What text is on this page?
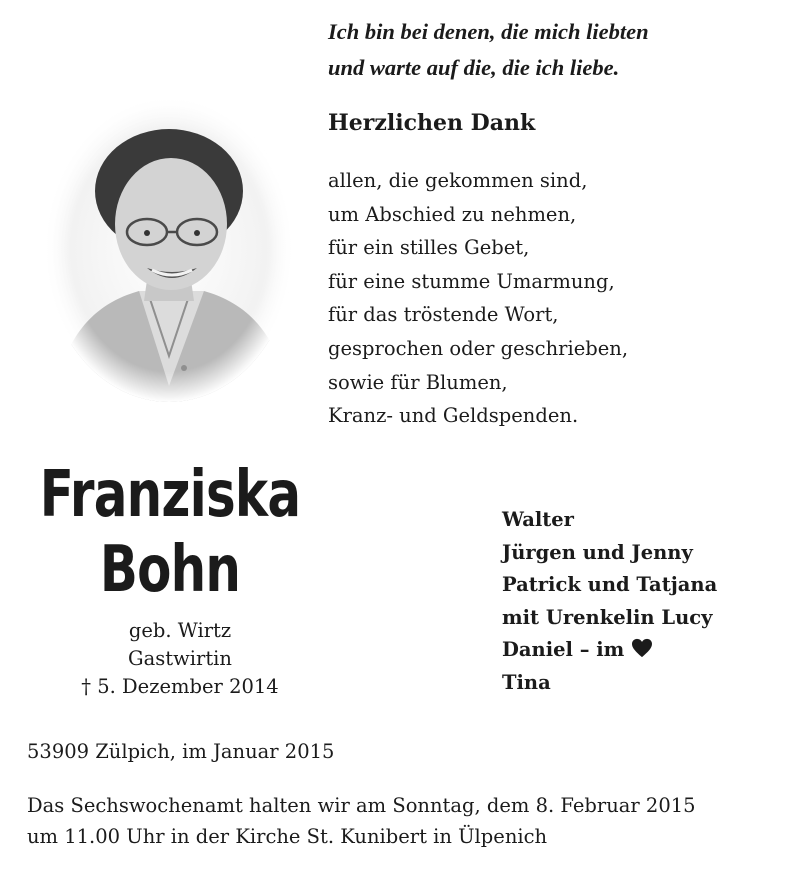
Ich bin bei denen, die mich liebten
und warte auf die, die ich liebe.
Herzlichen Dank
allen, die gekommen sind,
um Abschied zu nehmen,
für ein stilles Gebet,
für eine stumme Umarmung,
für das tröstende Wort,
gesprochen oder geschrieben,
sowie für Blumen,
Kranz- und Geldspenden.
Franziska
Bohn
geb. Wirtz
Gastwirtin
† 5. Dezember 2014
Walter
Jürgen und Jenny
Patrick und Tatjana
mit Urenkelin Lucy
Daniel – im
Tina
53909 Zülpich, im Januar 2015
Das Sechswochenamt halten wir am Sonntag, dem 8. Februar 2015
um 11.00 Uhr in der Kirche St. Kunibert in Ülpenich
